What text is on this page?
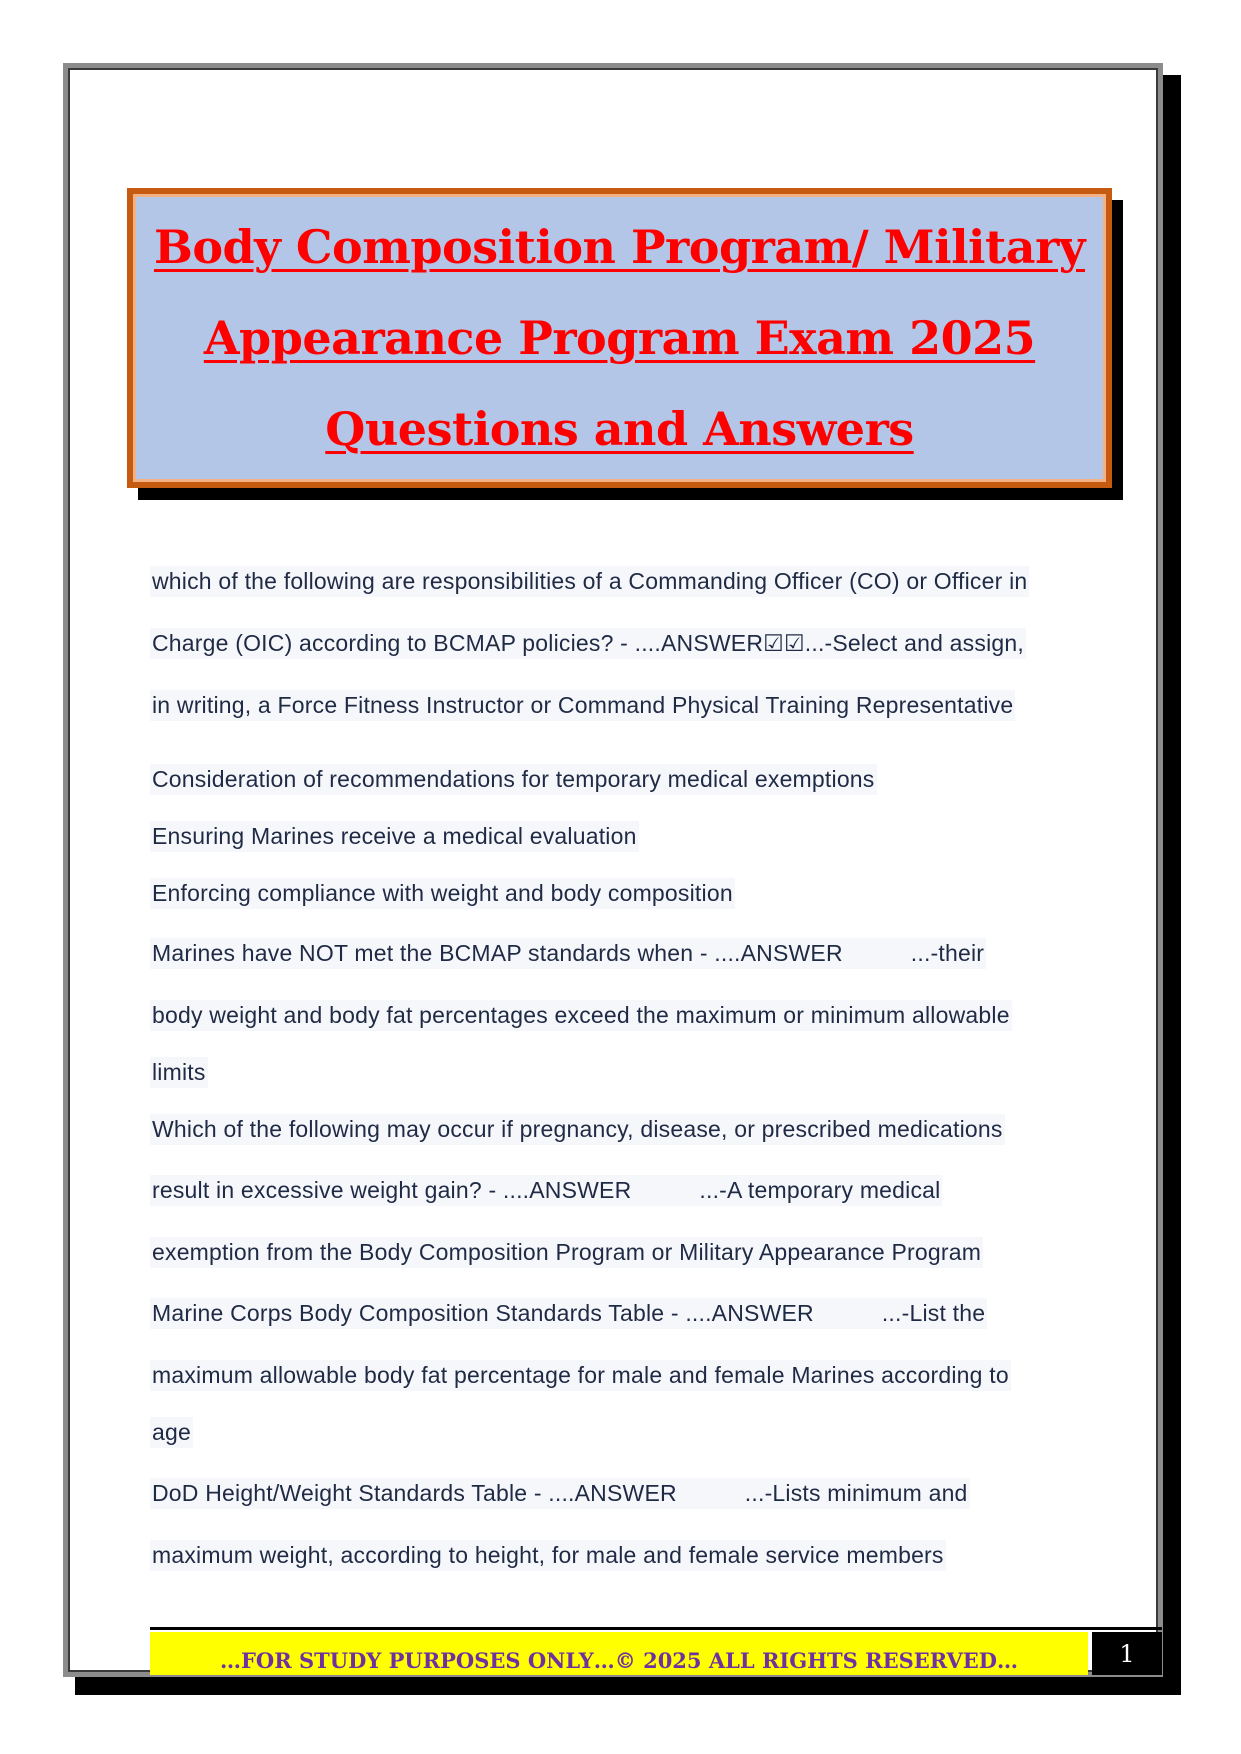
Body Composition Program/ Military
Appearance Program Exam 2025
Questions and Answers
which of the following are responsibilities of a Commanding Officer (CO) or Officer in
Charge (OIC) according to BCMAP policies? - ....ANSWER☑☑...-Select and assign,
in writing, a Force Fitness Instructor or Command Physical Training Representative
Consideration of recommendations for temporary medical exemptions
Ensuring Marines receive a medical evaluation
Enforcing compliance with weight and body composition
Marines have NOT met the BCMAP standards when - ....ANSWER	...-their
body weight and body fat percentages exceed the maximum or minimum allowable
limits
Which of the following may occur if pregnancy, disease, or prescribed medications
result in excessive weight gain? - ....ANSWER	...-A temporary medical
exemption from the Body Composition Program or Military Appearance Program
Marine Corps Body Composition Standards Table - ....ANSWER	...-List the
maximum allowable body fat percentage for male and female Marines according to
age
DoD Height/Weight Standards Table - ....ANSWER	...-Lists minimum and
maximum weight, according to height, for male and female service members
…FOR STUDY PURPOSES ONLY…© 2025 ALL RIGHTS RESERVED…	1
